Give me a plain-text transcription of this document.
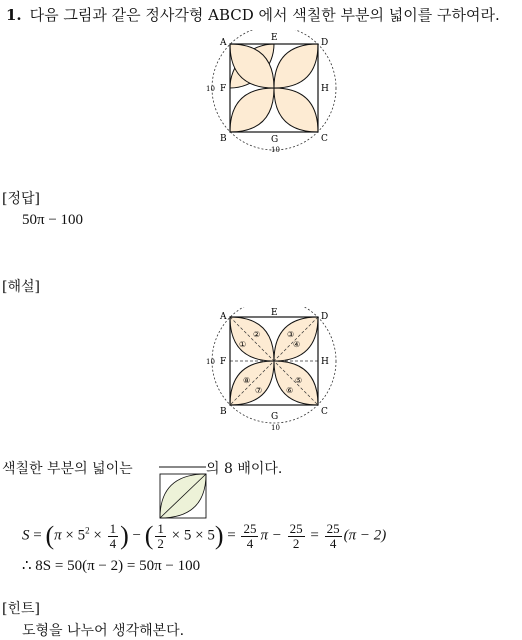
1. 다음 그림과 같은 정사각형 ABCD 에서 색칠한 부분의 넓이를 구하여라.
A	E	D
F	H
B	G	C
10
10
[정답]
50π − 100
[해설]
①
②	③
④
⑤
⑥
⑦
⑧
A	E	D
F	H
B	G	C
10
10
색칠한 부분의 넓이는	의 8 배이다.
$S = (\pi \times 5^2 \times \frac{1}{4}$ ) − ( $\frac{1}{2} \times 5 \times 5) = \frac{25}{4}$ $\pi - \frac{25}{2} = \frac{25}{4} (\pi - 2)$
∴ 8S = 50(π − 2) = 50π − 100
[힌트]
도형을 나누어 생각해본다.
